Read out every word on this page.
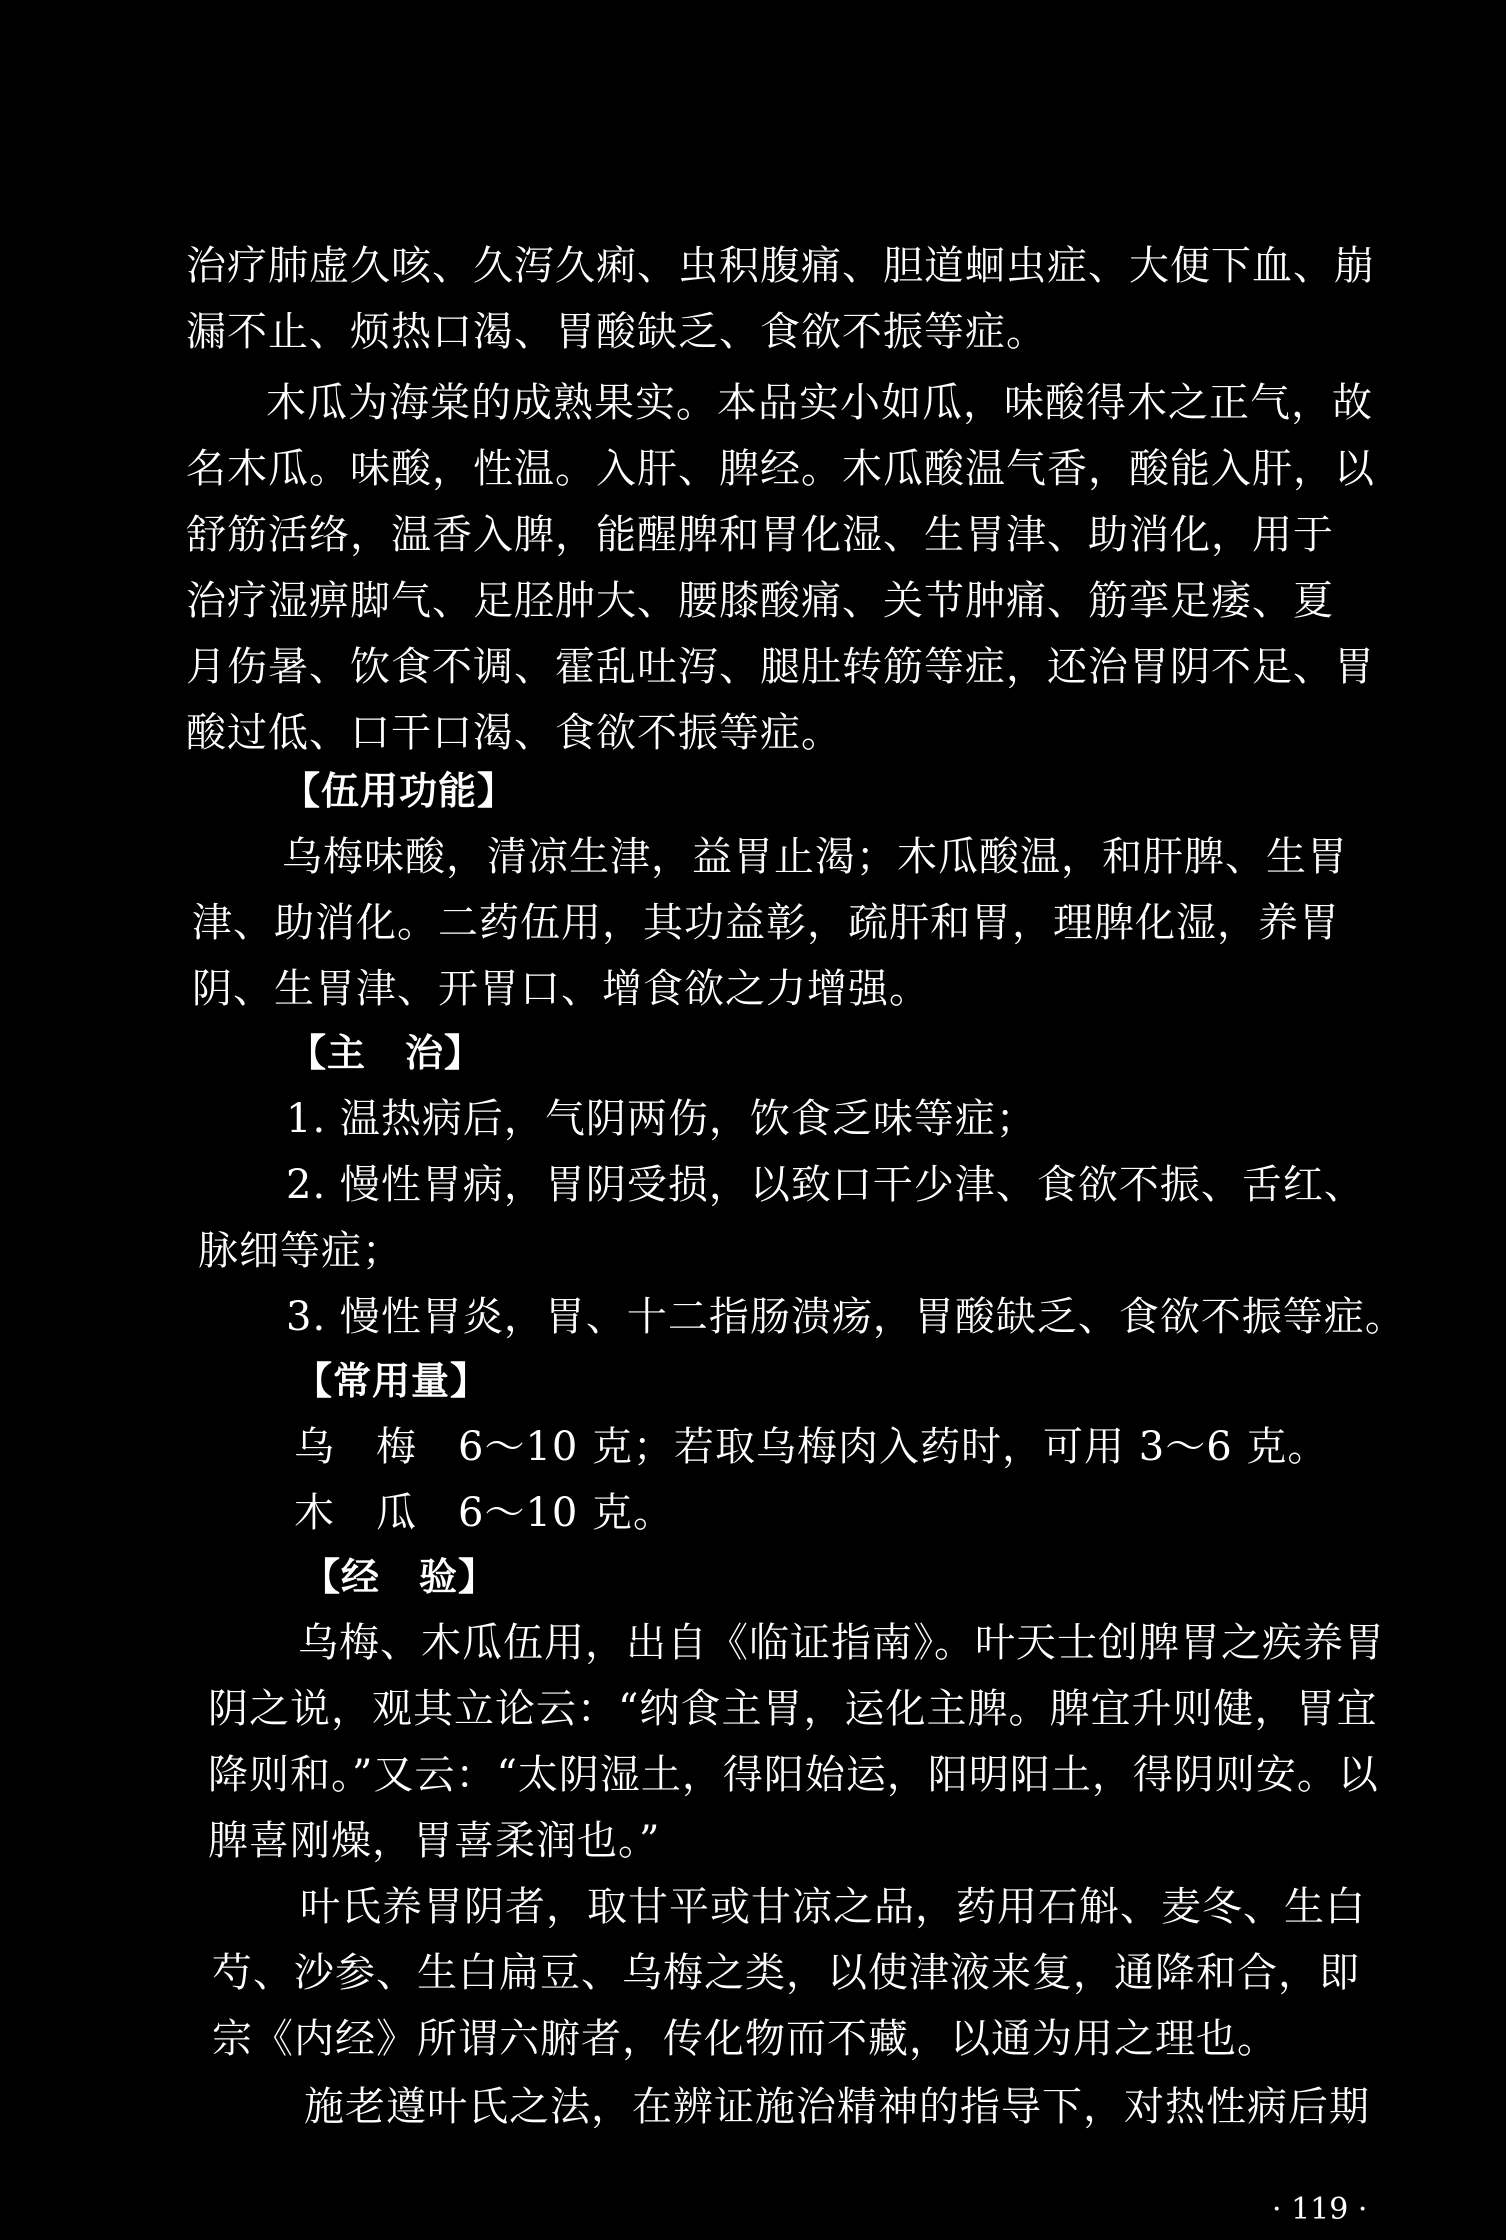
治疗肺虚久咳、久泻久痢、虫积腹痛、胆道蛔虫症、大便下血、崩
漏不止、烦热口渴、胃酸缺乏、食欲不振等症。
木瓜为海棠的成熟果实。本品实小如瓜，味酸得木之正气，故
名木瓜。味酸，性温。入肝、脾经。木瓜酸温气香，酸能入肝，以
舒筋活络，温香入脾，能醒脾和胃化湿、生胃津、助消化，用于
治疗湿痹脚气、足胫肿大、腰膝酸痛、关节肿痛、筋挛足痿、夏
月伤暑、饮食不调、霍乱吐泻、腿肚转筋等症，还治胃阴不足、胃
酸过低、口干口渴、食欲不振等症。
【伍用功能】
乌梅味酸，清凉生津，益胃止渴；木瓜酸温，和肝脾、生胃
津、助消化。二药伍用，其功益彰，疏肝和胃，理脾化湿，养胃
阴、生胃津、开胃口、增食欲之力增强。
【主　治】
1. 温热病后，气阴两伤，饮食乏味等症；
2. 慢性胃病，胃阴受损，以致口干少津、食欲不振、舌红、
脉细等症；
3. 慢性胃炎，胃、十二指肠溃疡，胃酸缺乏、食欲不振等症。
【常用量】
乌　梅　6～10 克；若取乌梅肉入药时，可用 3～6 克。
木　瓜　6～10 克。
【经　验】
乌梅、木瓜伍用，出自《临证指南》。叶天士创脾胃之疾养胃
阴之说，观其立论云：“纳食主胃，运化主脾。脾宜升则健，胃宜
降则和。”又云：“太阴湿土，得阳始运，阳明阳土，得阴则安。以
脾喜刚燥，胃喜柔润也。”
叶氏养胃阴者，取甘平或甘凉之品，药用石斛、麦冬、生白
芍、沙参、生白扁豆、乌梅之类，以使津液来复，通降和合，即
宗《内经》所谓六腑者，传化物而不藏，以通为用之理也。
施老遵叶氏之法，在辨证施治精神的指导下，对热性病后期
· 119 ·
